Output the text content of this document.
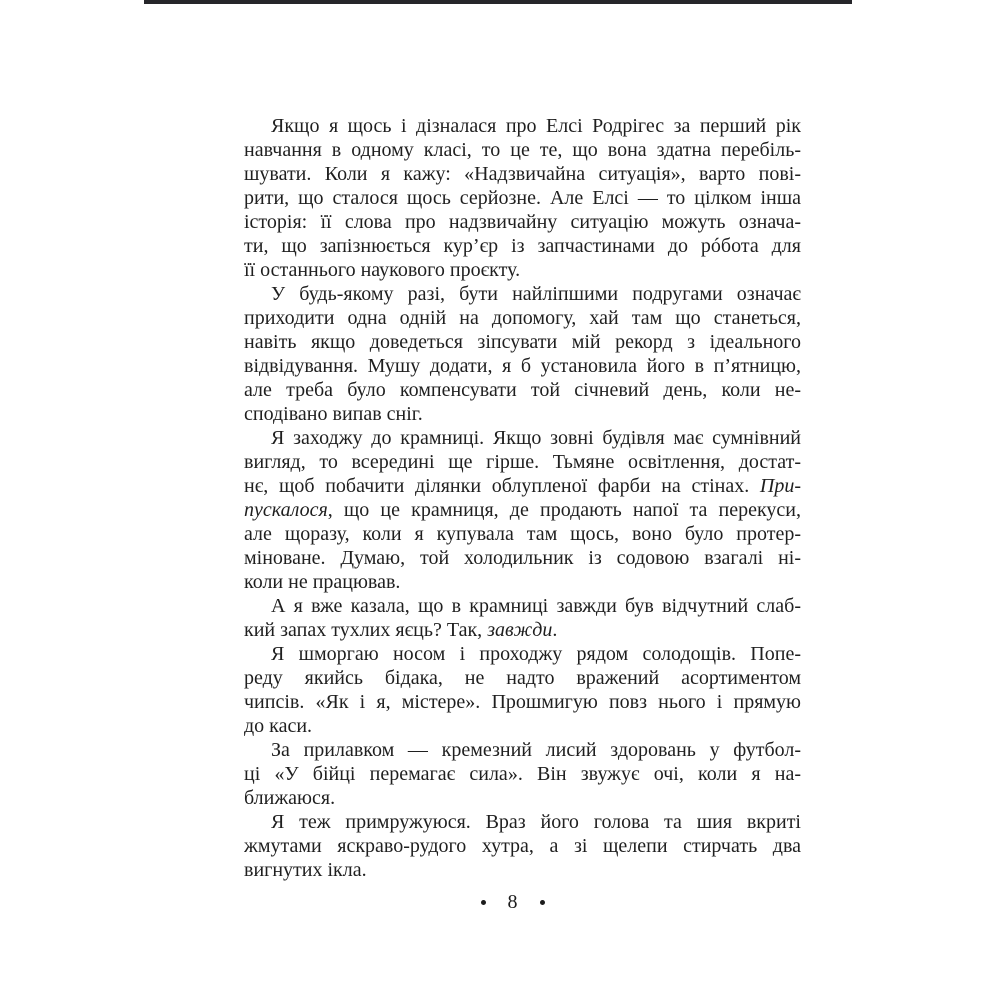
Якщо я щось і дізналася про Елсі Родрігес за перший рік
навчання в одному класі, то це те, що вона здатна перебіль-
шувати. Коли я кажу: «Надзвичайна ситуація», варто пові-
рити, що сталося щось серйозне. Але Елсі — то цілком інша
історія: її слова про надзвичайну ситуацію можуть означа-
ти, що запізнюється кур’єр із запчастинами до рóбота для
її останнього наукового проєкту.
У будь-якому разі, бути найліпшими подругами означає
приходити одна одній на допомогу, хай там що станеться,
навіть якщо доведеться зіпсувати мій рекорд з ідеального
відвідування. Мушу додати, я б установила його в п’ятницю,
але треба було компенсувати той січневий день, коли не-
сподівано випав сніг.
Я заходжу до крамниці. Якщо зовні будівля має сумнівний
вигляд, то всередині ще гірше. Тьмяне освітлення, достат-
нє, щоб побачити ділянки облупленої фарби на стінах. При-
пускалося, що це крамниця, де продають напої та перекуси,
але щоразу, коли я купувала там щось, воно було протер-
міноване. Думаю, той холодильник із содовою взагалі ні-
коли не працював.
А я вже казала, що в крамниці завжди був відчутний слаб-
кий запах тухлих яєць? Так, завжди.
Я шморгаю носом і проходжу рядом солодощів. Попе-
реду якийсь бідака, не надто вражений асортиментом
чипсів. «Як і я, містере». Прошмигую повз нього і прямую
до каси.
За прилавком — кремезний лисий здоровань у футбол-
ці «У бійці перемагає сила». Він звужує очі, коли я на-
ближаюся.
Я теж примружуюся. Враз його голова та шия вкриті
жмутами яскраво-рудого хутра, а зі щелепи стирчать два
вигнутих ікла.
8
